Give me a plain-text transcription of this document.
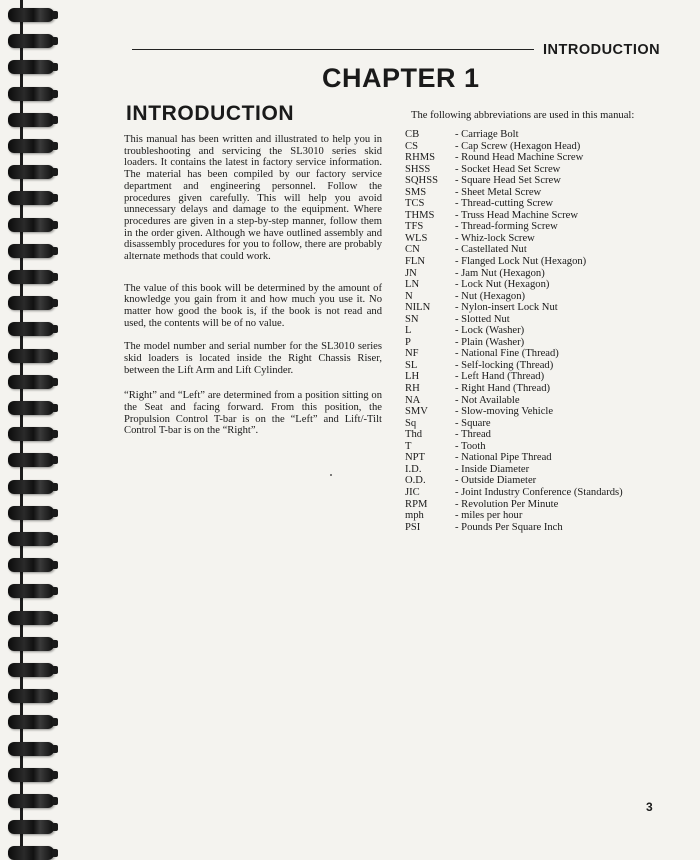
INTRODUCTION
CHAPTER 1
INTRODUCTION

This manual has been written and illustrated to help you in troubleshooting and servicing the SL3010 series skid loaders. It contains the latest in factory service information. The material has been compiled by our factory service department and engineering personnel. Follow the procedures given carefully. This will help you avoid unnecessary delays and damage to the equipment. Where procedures are given in a step-by-step manner, follow them in the order given. Although we have outlined assembly and disassembly procedures for you to follow, there are probably alternate methods that could work.

The value of this book will be determined by the amount of knowledge you gain from it and how much you use it. No matter how good the book is, if the book is not read and used, the contents will be of no value.

The model number and serial number for the SL3010 series skid loaders is located inside the Right Chassis Riser, between the Lift Arm and Lift Cylinder.

“Right” and “Left” are determined from a position sitting on the Seat and facing forward. From this position, the Propulsion Control T-bar is on the “Left” and Lift/-Tilt Control T-bar is on the “Right”.

The following abbreviations are used in this manual:
CB	- Carriage Bolt
CS	- Cap Screw (Hexagon Head)
RHMS	- Round Head Machine Screw
SHSS	- Socket Head Set Screw
SQHSS	- Square Head Set Screw
SMS	- Sheet Metal Screw
TCS	- Thread-cutting Screw
THMS	- Truss Head Machine Screw
TFS	- Thread-forming Screw
WLS	- Whiz-lock Screw
CN	- Castellated Nut
FLN	- Flanged Lock Nut (Hexagon)
JN	- Jam Nut (Hexagon)
LN	- Lock Nut (Hexagon)
N	- Nut (Hexagon)
NILN	- Nylon-insert Lock Nut
SN	- Slotted Nut
L	- Lock (Washer)
P	- Plain (Washer)
NF	- National Fine (Thread)
SL	- Self-locking (Thread)
LH	- Left Hand (Thread)
RH	- Right Hand (Thread)
NA	- Not Available
SMV	- Slow-moving Vehicle
Sq	- Square
Thd	- Thread
T	- Tooth
NPT	- National Pipe Thread
I.D.	- Inside Diameter
O.D.	- Outside Diameter
JIC	- Joint Industry Conference (Standards)
RPM	- Revolution Per Minute
mph	- miles per hour
PSI	- Pounds Per Square Inch
3
